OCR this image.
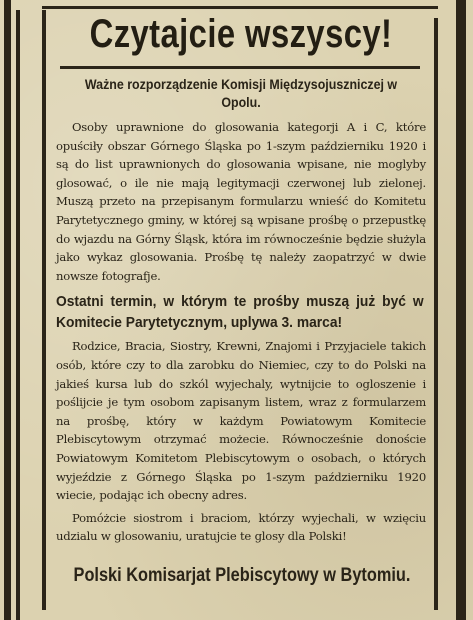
Czytajcie wszyscy!
Ważne rozporządzenie Komisji Międzysojuszniczej w Opolu.

Osoby uprawnione do glosowania kategorji A i C, które opuściły obszar Górnego Śląska po 1-szym październiku 1920 i są do list uprawnionych do glosowania wpisane, nie moglyby glosować, o ile nie mają legitymacji czerwonej lub zielonej. Muszą przeto na przepisanym formularzu wnieść do Komitetu Parytetycznego gminy, w której są wpisane prośbę o przepustkę do wjazdu na Górny Śląsk, która im równocześnie będzie służyla jako wykaz glosowania. Prośbę tę należy zaopatrzyć w dwie nowsze fotografje.

Ostatni termin, w którym te prośby muszą już być w Komitecie Parytetycznym, uplywa 3. marca!

Rodzice, Bracia, Siostry, Krewni, Znajomi i Przyjaciele takich osób, które czy to dla zarobku do Niemiec, czy to do Polski na jakieś kursa lub do szkól wyjechaly, wytnijcie to ogloszenie i poślijcie je tym osobom zapisanym listem, wraz z formularzem na prośbę, który w każdym Powiatowym Komitecie Plebiscytowym otrzymać możecie. Równocześnie donoście Powiatowym Komitetom Plebiscytowym o osobach, o których wyjeździe z Górnego Śląska po 1-szym październiku 1920 wiecie, podając ich obecny adres.

Pomóżcie siostrom i braciom, którzy wyjechali, w wzięciu udzialu w glosowaniu, uratujcie te glosy dla Polski!

Polski Komisarjat Plebiscytowy w Bytomiu.
